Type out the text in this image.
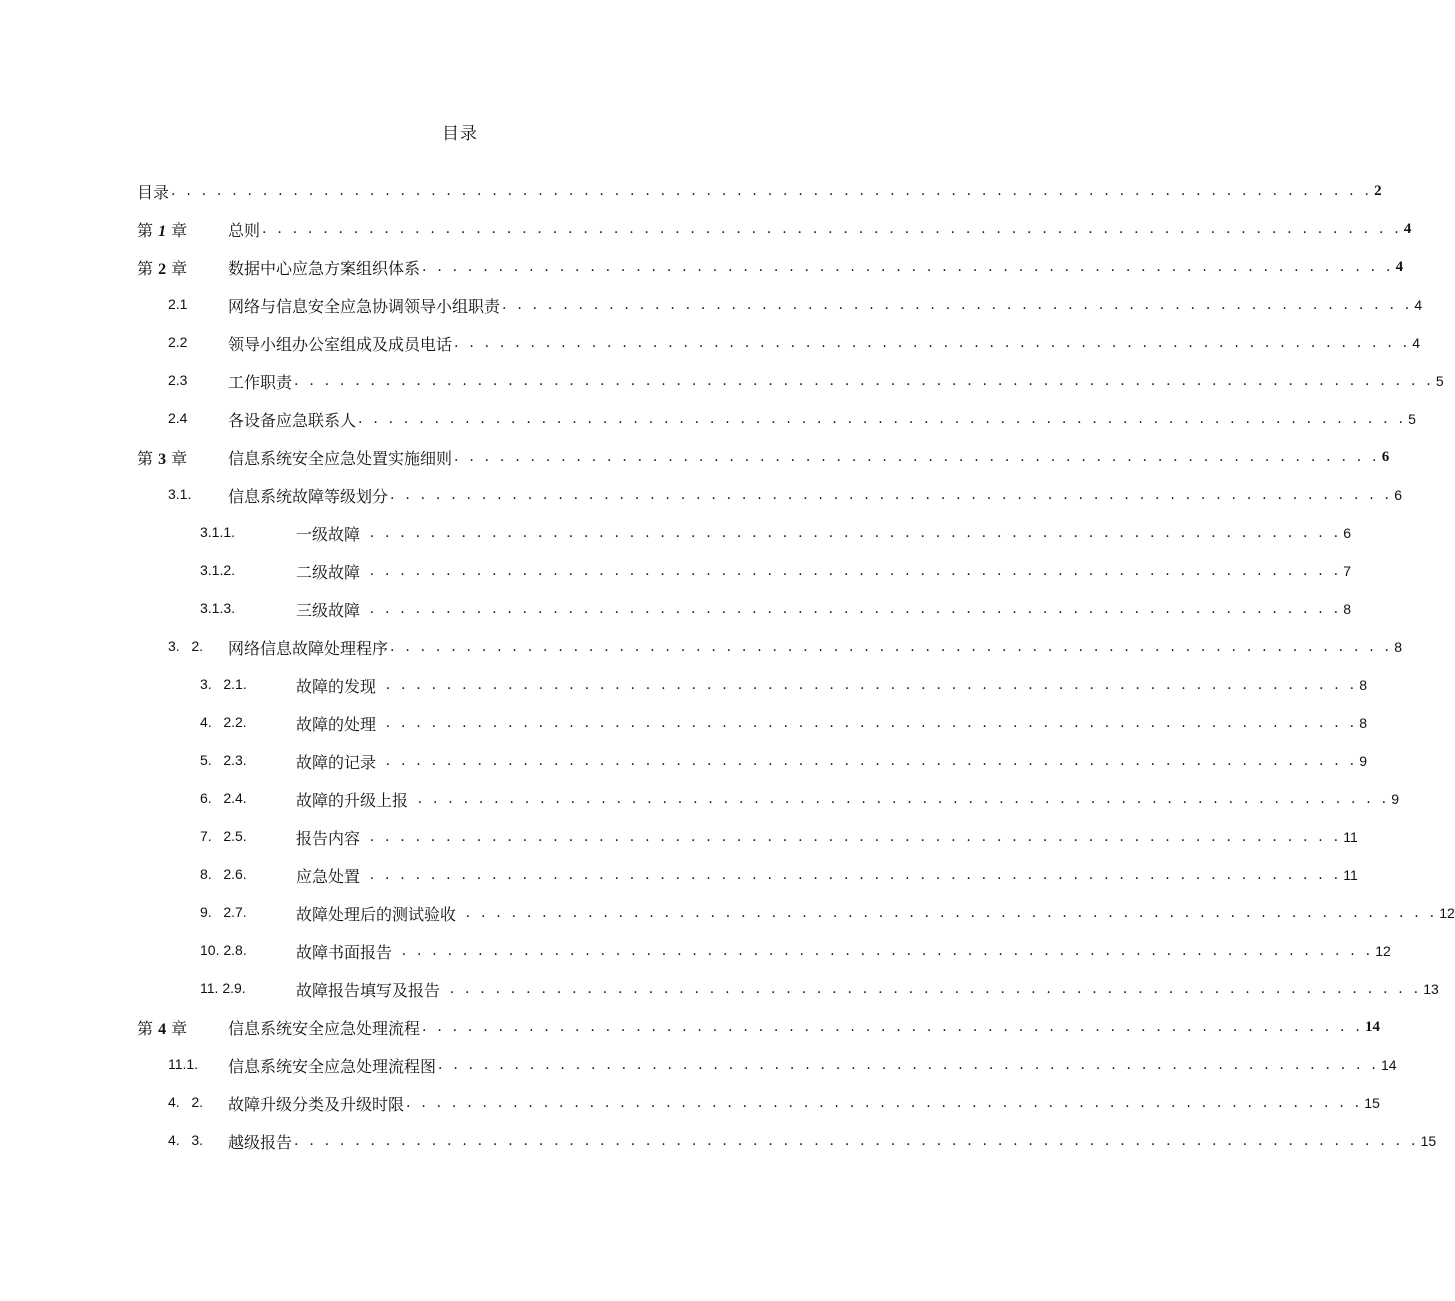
目录
目录 . . . . . . . . . . . . . . . . . . . . . . . . . . . . . . . . . . . . . . . . . . . . . . . . . . . . . . . . . . . . . . . . . . . . . . . . . . . . . . . 2
第 1 章	总则 . . . . . . . . . . . . . . . . . . . . . . . . . . . . . . . . . . . . . . . . . . . . . . . . . . . . . . . . . . . . . . . . . . . . . . . . . . . 4
第 2 章	数据中心应急方案组织体系 . . . . . . . . . . . . . . . . . . . . . . . . . . . . . . . . . . . . . . . . . . . . . . . . . . . . . . . . . . . . . . . . 4
2.1	网络与信息安全应急协调领导小组职责 . . . . . . . . . . . . . . . . . . . . . . . . . . . . . . . . . . . . . . . . . . . . . . . . . . . . . . . . . . . . 4
2.2	领导小组办公室组成及成员电话 . . . . . . . . . . . . . . . . . . . . . . . . . . . . . . . . . . . . . . . . . . . . . . . . . . . . . . . . . . . . . . . 4
2.3	工作职责 . . . . . . . . . . . . . . . . . . . . . . . . . . . . . . . . . . . . . . . . . . . . . . . . . . . . . . . . . . . . . . . . . . . . . . . . . . . 5
2.4	各设备应急联系人 . . . . . . . . . . . . . . . . . . . . . . . . . . . . . . . . . . . . . . . . . . . . . . . . . . . . . . . . . . . . . . . . . . . . . 5
第 3 章	信息系统安全应急处置实施细则 . . . . . . . . . . . . . . . . . . . . . . . . . . . . . . . . . . . . . . . . . . . . . . . . . . . . . . . . . . . . . 6
3.1. 信息系统故障等级划分 . . . . . . . . . . . . . . . . . . . . . . . . . . . . . . . . . . . . . . . . . . . . . . . . . . . . . . . . . . . . . . . . . . 6
3.1.1.	一级故障 . . . . . . . . . . . . . . . . . . . . . . . . . . . . . . . . . . . . . . . . . . . . . . . . . . . . . . . . . . . . . . . . 6
3.1.2.	二级故障 . . . . . . . . . . . . . . . . . . . . . . . . . . . . . . . . . . . . . . . . . . . . . . . . . . . . . . . . . . . . . . . . 7
3.1.3.	三级故障 . . . . . . . . . . . . . . . . . . . . . . . . . . . . . . . . . . . . . . . . . . . . . . . . . . . . . . . . . . . . . . . . 8
3.   2. 网络信息故障处理程序 . . . . . . . . . . . . . . . . . . . . . . . . . . . . . . . . . . . . . . . . . . . . . . . . . . . . . . . . . . . . . . . . . . 8
3.   2.1.	故障的发现 . . . . . . . . . . . . . . . . . . . . . . . . . . . . . . . . . . . . . . . . . . . . . . . . . . . . . . . . . . . . . . . . 8
4.   2.2.	故障的处理 . . . . . . . . . . . . . . . . . . . . . . . . . . . . . . . . . . . . . . . . . . . . . . . . . . . . . . . . . . . . . . . . 8
5.   2.3.	故障的记录 . . . . . . . . . . . . . . . . . . . . . . . . . . . . . . . . . . . . . . . . . . . . . . . . . . . . . . . . . . . . . . . . 9
6.   2.4.	故障的升级上报 . . . . . . . . . . . . . . . . . . . . . . . . . . . . . . . . . . . . . . . . . . . . . . . . . . . . . . . . . . . . . . . . 9
7.   2.5.	报告内容 . . . . . . . . . . . . . . . . . . . . . . . . . . . . . . . . . . . . . . . . . . . . . . . . . . . . . . . . . . . . . . . . 11
8.   2.6.	应急处置 . . . . . . . . . . . . . . . . . . . . . . . . . . . . . . . . . . . . . . . . . . . . . . . . . . . . . . . . . . . . . . . . 11
9.   2.7.	故障处理后的测试验收 . . . . . . . . . . . . . . . . . . . . . . . . . . . . . . . . . . . . . . . . . . . . . . . . . . . . . . . . . . . . . . . . 12
10. 2.8.	故障书面报告 . . . . . . . . . . . . . . . . . . . . . . . . . . . . . . . . . . . . . . . . . . . . . . . . . . . . . . . . . . . . . . . . 12
11. 2.9.	故障报告填写及报告 . . . . . . . . . . . . . . . . . . . . . . . . . . . . . . . . . . . . . . . . . . . . . . . . . . . . . . . . . . . . . . . . 13
第 4 章	信息系统安全应急处理流程 . . . . . . . . . . . . . . . . . . . . . . . . . . . . . . . . . . . . . . . . . . . . . . . . . . . . . . . . . . . . . . 14
11.1. 信息系统安全应急处理流程图 . . . . . . . . . . . . . . . . . . . . . . . . . . . . . . . . . . . . . . . . . . . . . . . . . . . . . . . . . . . . . . 14
4.   2. 故障升级分类及升级时限 . . . . . . . . . . . . . . . . . . . . . . . . . . . . . . . . . . . . . . . . . . . . . . . . . . . . . . . . . . . . . . . 15
4.   3. 越级报告 . . . . . . . . . . . . . . . . . . . . . . . . . . . . . . . . . . . . . . . . . . . . . . . . . . . . . . . . . . . . . . . . . . . . . . . . . . 15
